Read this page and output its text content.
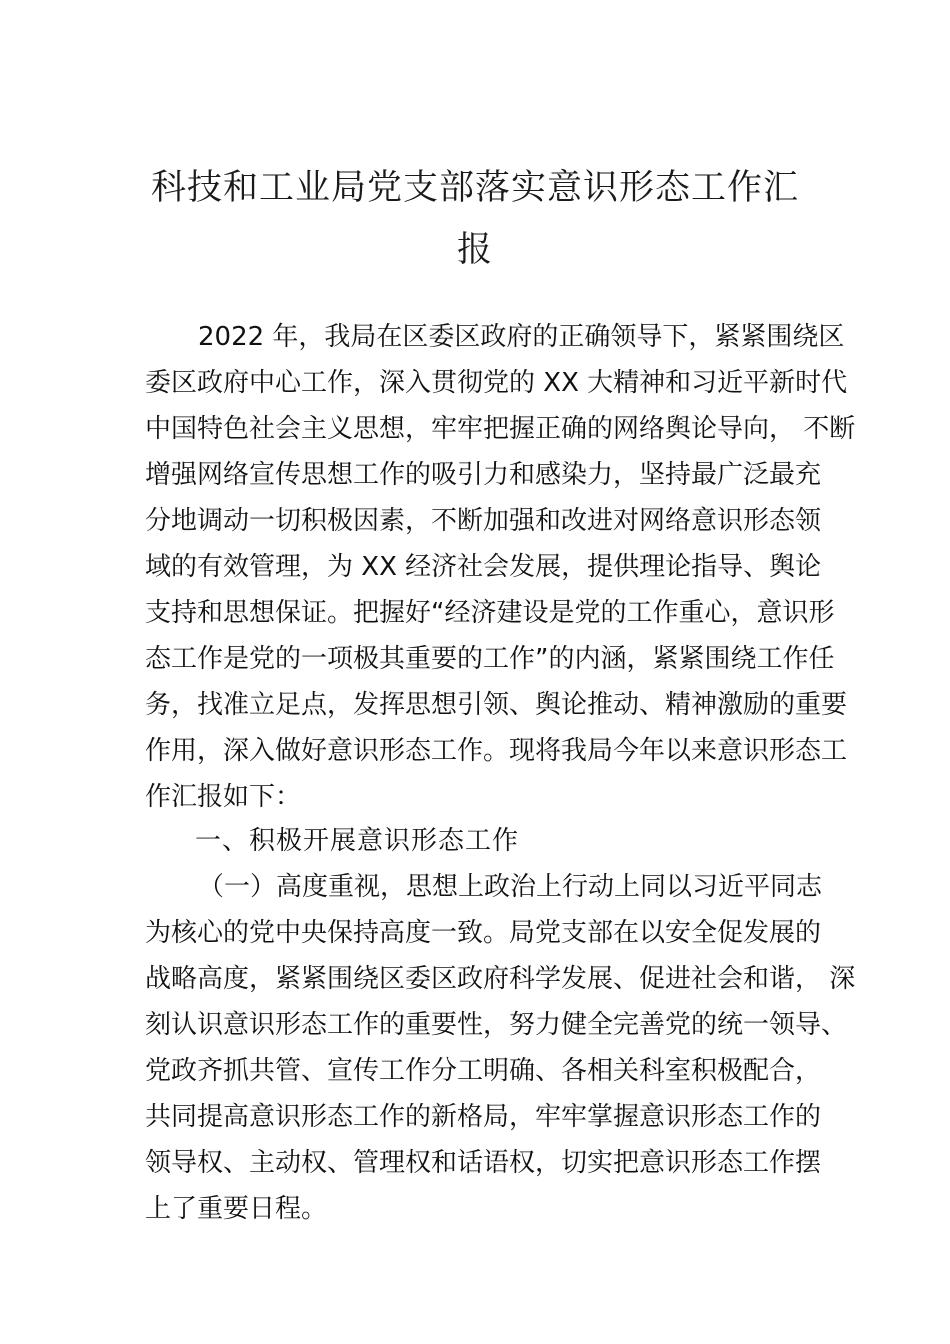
科技和工业局党支部落实意识形态工作汇
报
2022 年，我局在区委区政府的正确领导下，紧紧围绕区
委区政府中心工作，深入贯彻党的 XX 大精神和习近平新时代
中国特色社会主义思想，牢牢把握正确的网络舆论导向， 不断
增强网络宣传思想工作的吸引力和感染力，坚持最广泛最充
分地调动一切积极因素，不断加强和改进对网络意识形态领
域的有效管理，为 XX 经济社会发展，提供理论指导、舆论
支持和思想保证。把握好“经济建设是党的工作重心，意识形
态工作是党的一项极其重要的工作”的内涵，紧紧围绕工作任
务，找准立足点，发挥思想引领、舆论推动、精神激励的重要
作用，深入做好意识形态工作。现将我局今年以来意识形态工
作汇报如下：
一、积极开展意识形态工作
（一）高度重视，思想上政治上行动上同以习近平同志
为核心的党中央保持高度一致。局党支部在以安全促发展的
战略高度，紧紧围绕区委区政府科学发展、促进社会和谐， 深
刻认识意识形态工作的重要性，努力健全完善党的统一领导、
党政齐抓共管、宣传工作分工明确、各相关科室积极配合，
共同提高意识形态工作的新格局，牢牢掌握意识形态工作的
领导权、主动权、管理权和话语权，切实把意识形态工作摆
上了重要日程。
